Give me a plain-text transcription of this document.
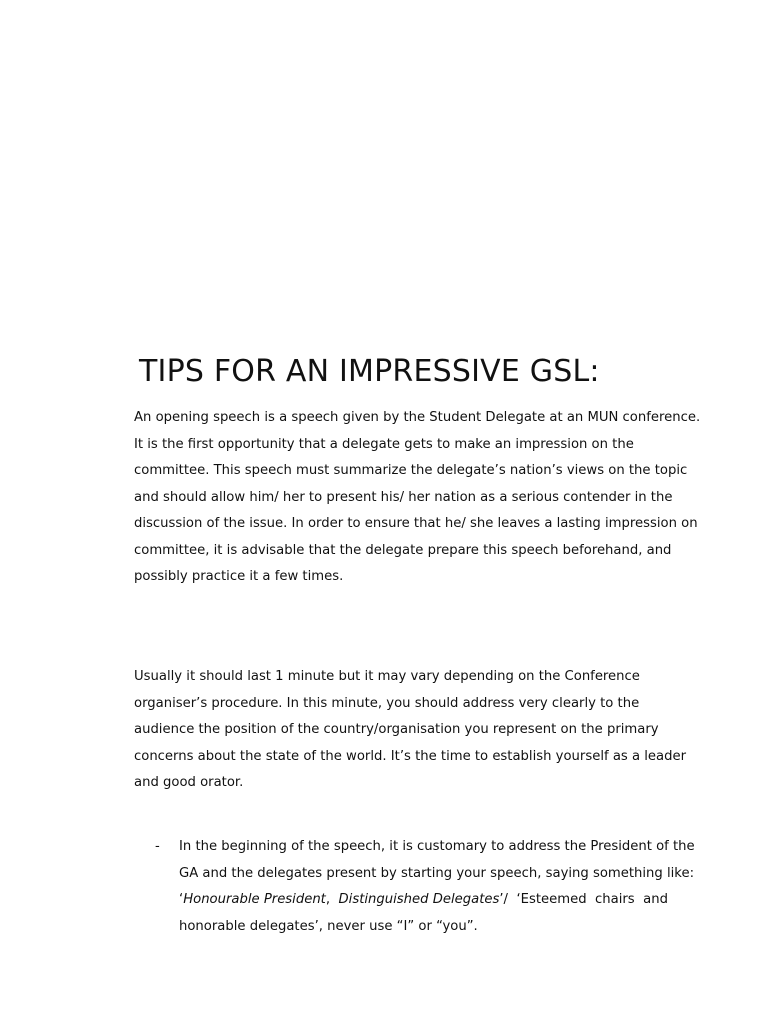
TIPS FOR AN IMPRESSIVE GSL:
An opening speech is a speech given by the Student Delegate at an MUN conference.
It is the first opportunity that a delegate gets to make an impression on the
committee. This speech must summarize the delegate’s nation’s views on the topic
and should allow him/ her to present his/ her nation as a serious contender in the
discussion of the issue. In order to ensure that he/ she leaves a lasting impression on
committee, it is advisable that the delegate prepare this speech beforehand, and
possibly practice it a few times.
Usually it should last 1 minute but it may vary depending on the Conference
organiser’s procedure. In this minute, you should address very clearly to the
audience the position of the country/organisation you represent on the primary
concerns about the state of the world. It’s the time to establish yourself as a leader
and good orator.
- In the beginning of the speech, it is customary to address the President of the
GA and the delegates present by starting your speech, saying something like:
‘Honourable President, Distinguished Delegates’/ ‘Esteemed chairs and
honorable delegates’, never use “I” or “you”.
